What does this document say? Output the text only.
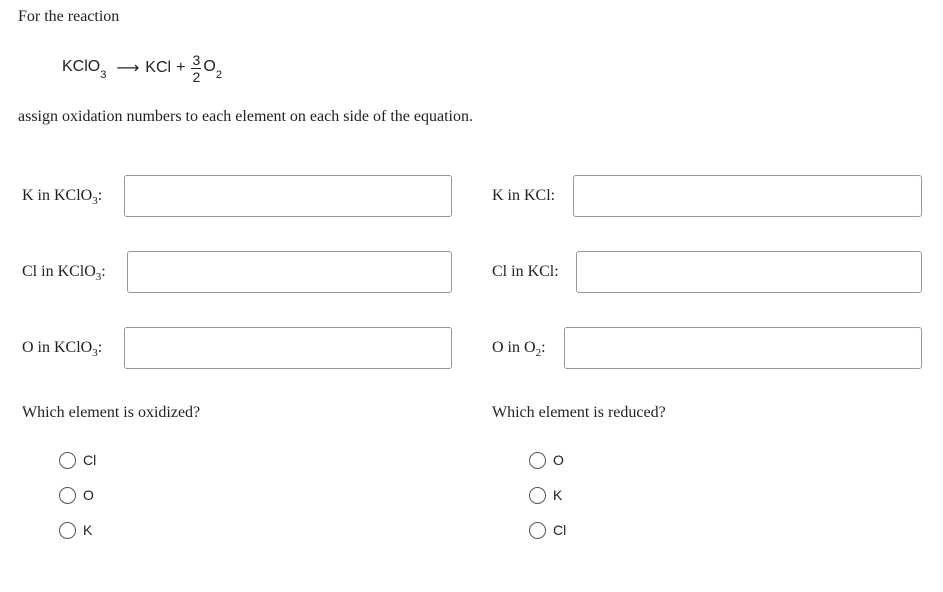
For the reaction
KClO$_3$ ⟶ KCl + $\frac{3}{2} O_2$
assign oxidation numbers to each element on each side of the equation.
K in KClO$_3$:
Cl in KClO$_3$:
O in KClO$_3$:
K in KCl:
Cl in KCl:
O in $O_2$:
Which element is oxidized?
Cl
O
K
Which element is reduced?
O
K
Cl
